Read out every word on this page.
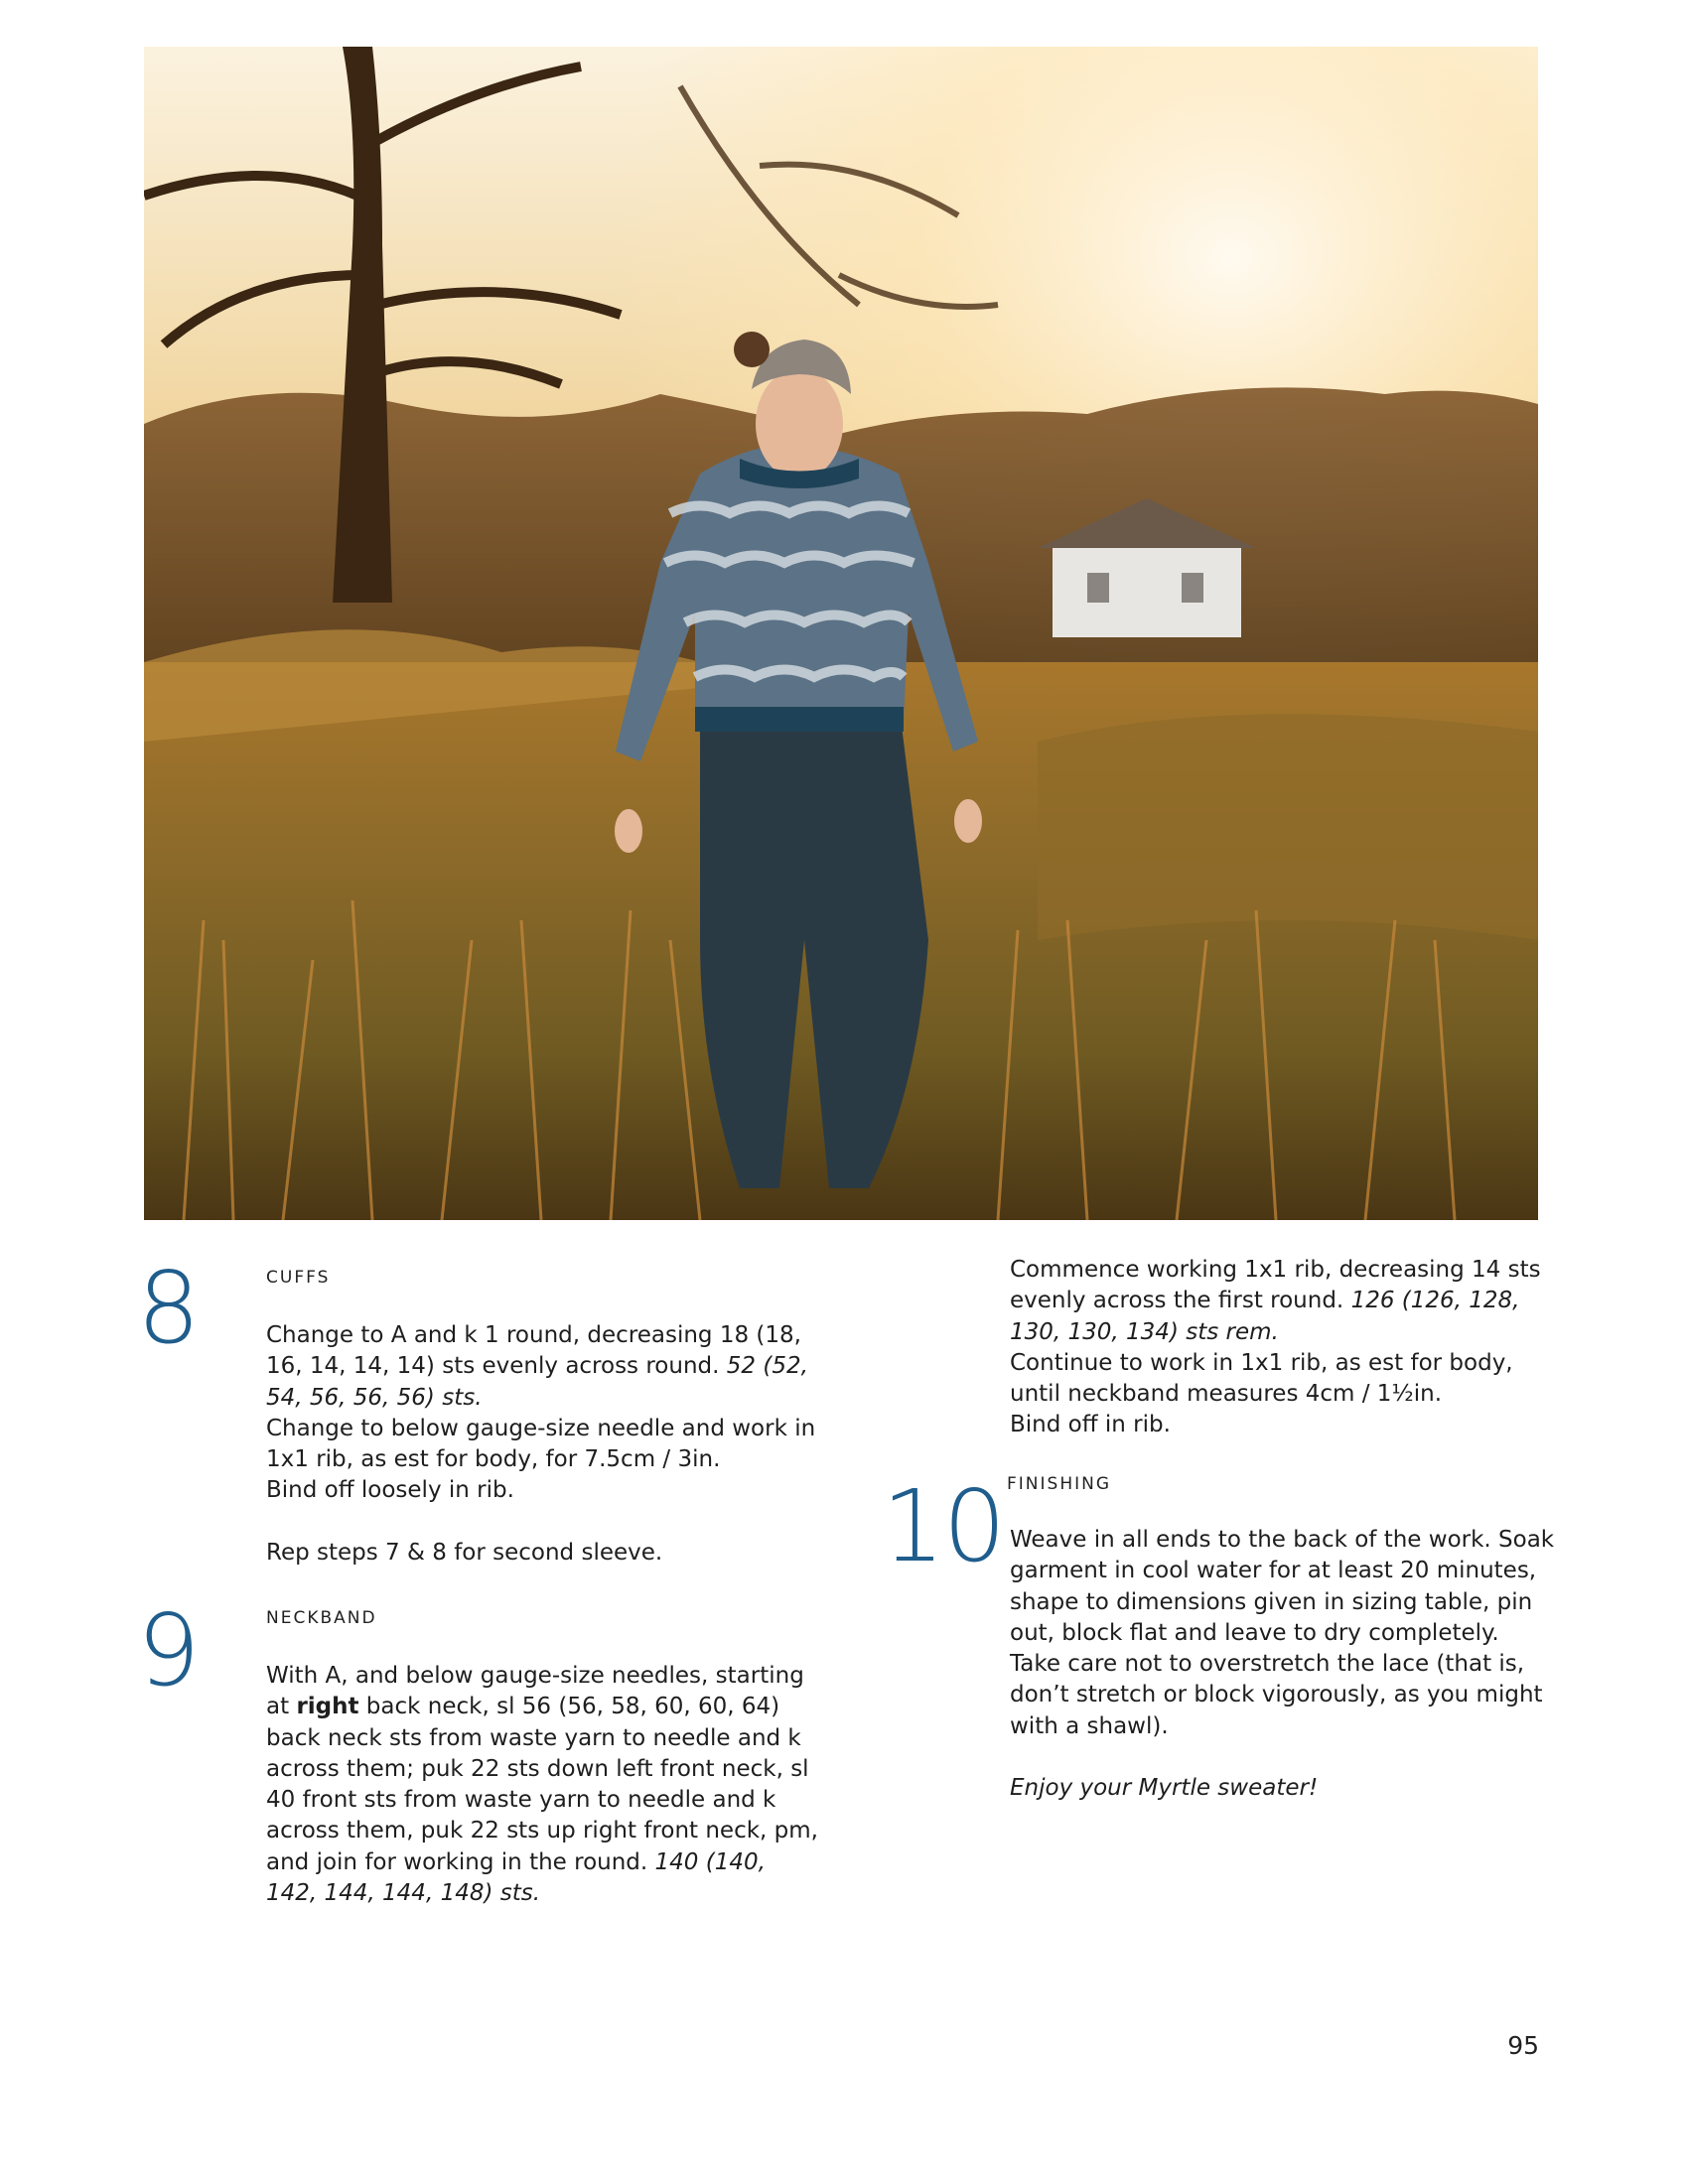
8	CUFFS

Change to A and k 1 round, decreasing 18 (18, 16, 14, 14, 14) sts evenly across round. 52 (52, 54, 56, 56, 56) sts.
Change to below gauge-size needle and work in 1x1 rib, as est for body, for 7.5cm / 3in.
Bind off loosely in rib.

Rep steps 7 & 8 for second sleeve.

9	NECKBAND

With A, and below gauge-size needles, starting at right back neck, sl 56 (56, 58, 60, 60, 64) back neck sts from waste yarn to needle and k across them; puk 22 sts down left front neck, sl 40 front sts from waste yarn to needle and k across them, puk 22 sts up right front neck, pm, and join for working in the round. 140 (140, 142, 144, 144, 148) sts.

Commence working 1x1 rib, decreasing 14 sts evenly across the first round. 126 (126, 128, 130, 130, 134) sts rem.
Continue to work in 1x1 rib, as est for body, until neckband measures 4cm / 1½in.
Bind off in rib.

10 FINISHING

Weave in all ends to the back of the work. Soak garment in cool water for at least 20 minutes, shape to dimensions given in sizing table, pin out, block flat and leave to dry completely. Take care not to overstretch the lace (that is, don’t stretch or block vigorously, as you might with a shawl).

Enjoy your Myrtle sweater!

95
